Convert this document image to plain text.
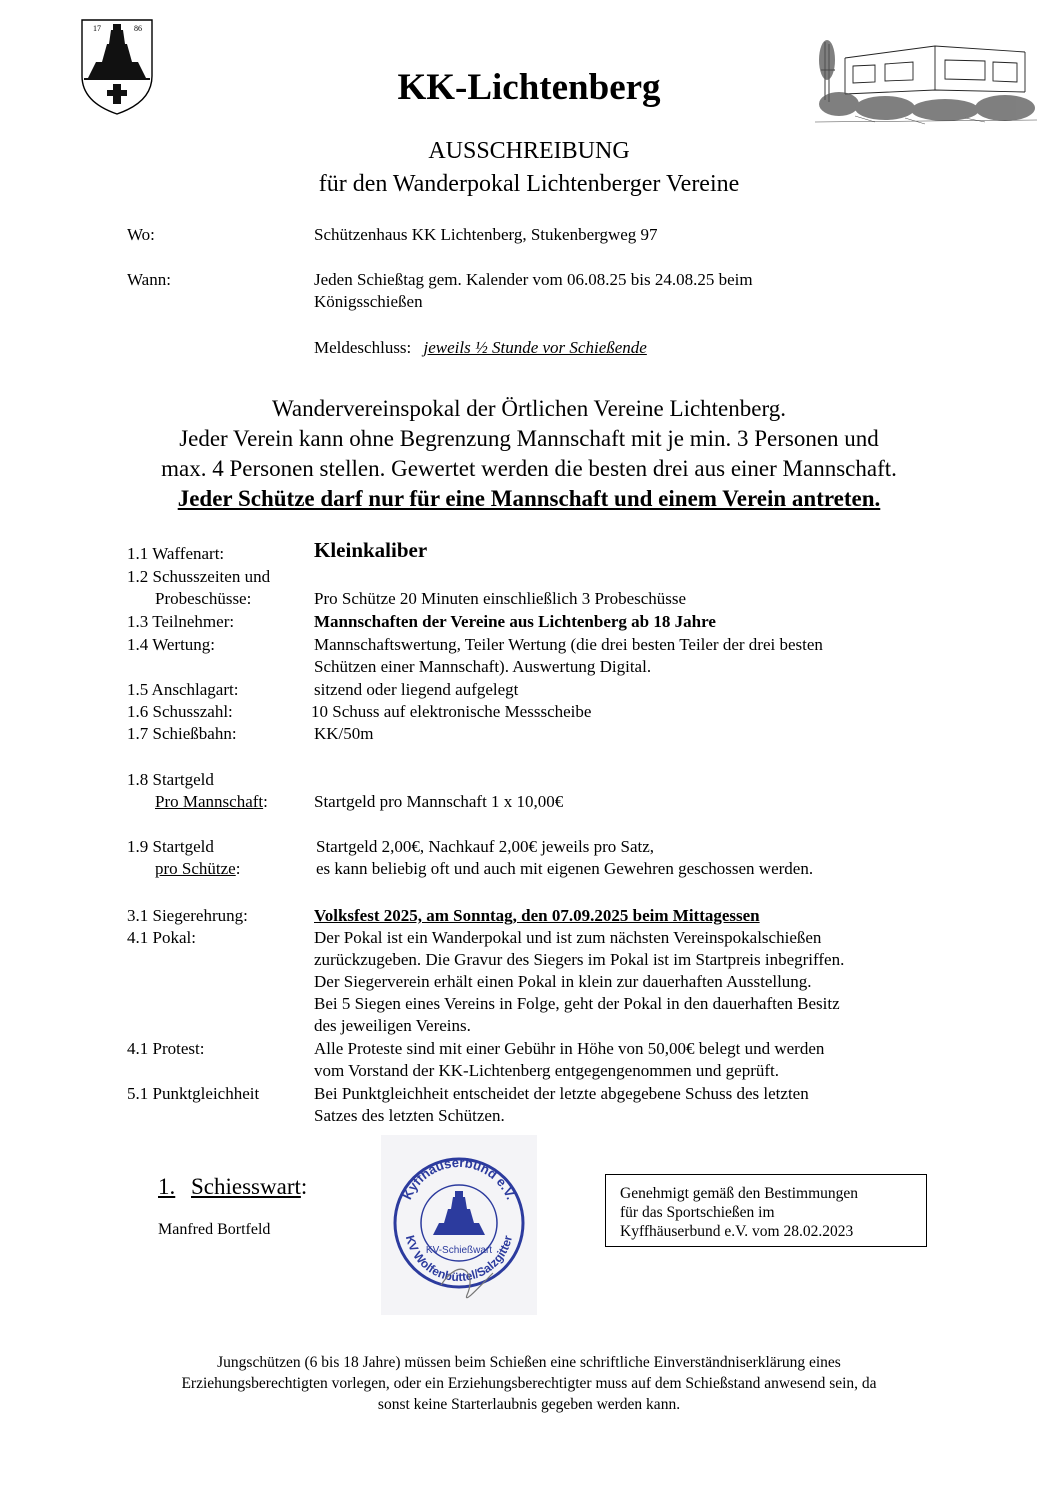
17	86
KK-Lichtenberg
AUSSCHREIBUNG
für den Wanderpokal Lichtenberger Vereine
Wo:	Schützenhaus KK Lichtenberg, Stukenbergweg 97
Wann:	Jeden Schießtag gem. Kalender vom 06.08.25 bis 24.08.25 beim
Königsschießen
Meldeschluss: jeweils ½ Stunde vor Schießende
Wandervereinspokal der Örtlichen Vereine Lichtenberg.
Jeder Verein kann ohne Begrenzung Mannschaft mit je min. 3 Personen und
max. 4 Personen stellen. Gewertet werden die besten drei aus einer Mannschaft.
Jeder Schütze darf nur für eine Mannschaft und einem Verein antreten.
1.1 Waffenart:	Kleinkaliber
1.2 Schusszeiten und
Probeschüsse:	Pro Schütze 20 Minuten einschließlich 3 Probeschüsse
1.3 Teilnehmer:	Mannschaften der Vereine aus Lichtenberg ab 18 Jahre
1.4 Wertung:	Mannschaftswertung, Teiler Wertung (die drei besten Teiler der drei besten
Schützen einer Mannschaft). Auswertung Digital.
1.5 Anschlagart:	sitzend oder liegend aufgelegt
1.6 Schusszahl:	10 Schuss auf elektronische Messscheibe
1.7 Schießbahn:	KK/50m
1.8 Startgeld
Pro Mannschaft:	Startgeld pro Mannschaft 1 x 10,00€
1.9 Startgeld
pro Schütze:
Startgeld 2,00€, Nachkauf 2,00€ jeweils pro Satz,
es kann beliebig oft und auch mit eigenen Gewehren geschossen werden.
3.1 Siegerehrung:	Volksfest 2025, am Sonntag, den 07.09.2025 beim Mittagessen
4.1 Pokal:	Der Pokal ist ein Wanderpokal und ist zum nächsten Vereinspokalschießen
zurückzugeben. Die Gravur des Siegers im Pokal ist im Startpreis inbegriffen.
Der Siegerverein erhält einen Pokal in klein zur dauerhaften Ausstellung.
Bei 5 Siegen eines Vereins in Folge, geht der Pokal in den dauerhaften Besitz
des jeweiligen Vereins.
4.1 Protest:	Alle Proteste sind mit einer Gebühr in Höhe von 50,00€ belegt und werden
vom Vorstand der KK-Lichtenberg entgegengenommen und geprüft.
5.1 Punktgleichheit	Bei Punktgleichheit entscheidet der letzte abgegebene Schuss des letzten
Satzes des letzten Schützen.
1. Schiesswart:
Manfred Bortfeld
Kyffhäuserbund e.V.
KV Wolfenbüttel/Salzgitter
KV-Schießwart
Genehmigt gemäß den Bestimmungen
für das Sportschießen im
Kyffhäuserbund e.V. vom 28.02.2023
Jungschützen (6 bis 18 Jahre) müssen beim Schießen eine schriftliche Einverständniserklärung eines
Erziehungsberechtigten vorlegen, oder ein Erziehungsberechtigter muss auf dem Schießstand anwesend sein, da
sonst keine Starterlaubnis gegeben werden kann.
